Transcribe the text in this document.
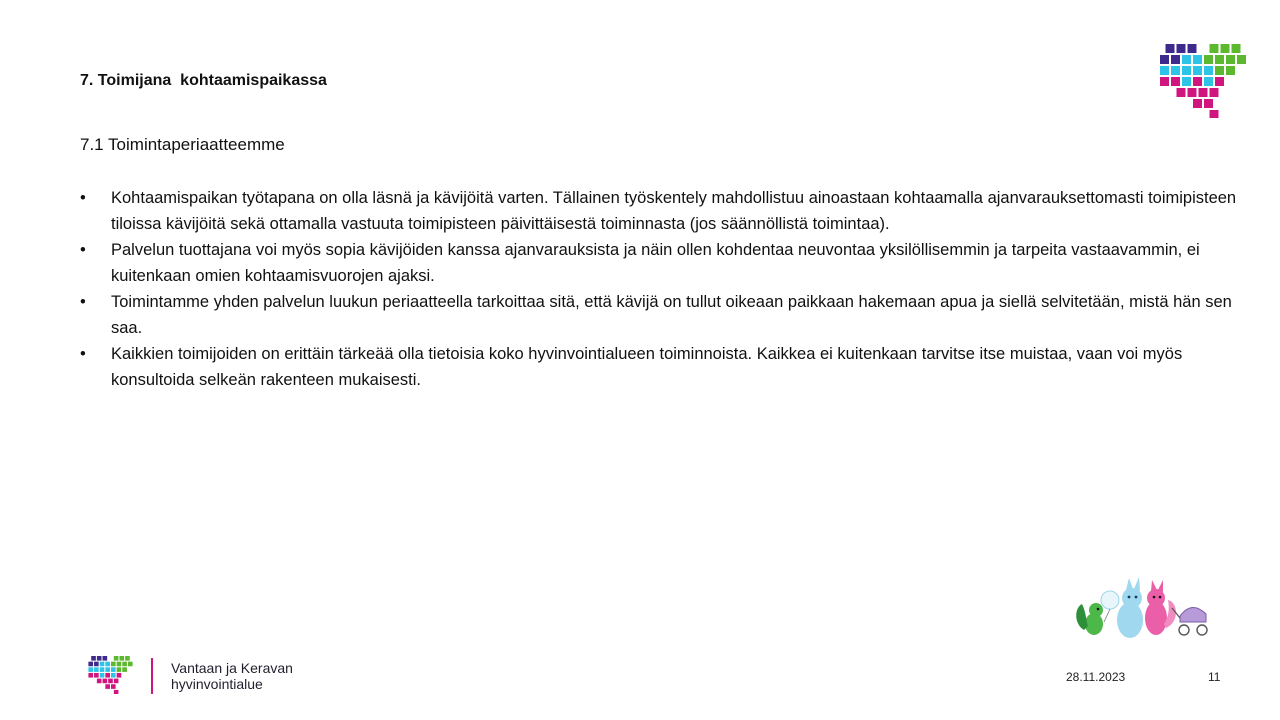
7. Toimijana  kohtaamispaikassa
7.1 Toimintaperiaatteemme
• Kohtaamispaikan työtapana on olla läsnä ja kävijöitä varten. Tällainen työskentely mahdollistuu ainoastaan kohtaamalla ajanvarauksettomasti toimipisteen tiloissa kävijöitä sekä ottamalla vastuuta toimipisteen päivittäisestä toiminnasta (jos säännöllistä toimintaa).
• Palvelun tuottajana voi myös sopia kävijöiden kanssa ajanvarauksista ja näin ollen kohdentaa neuvontaa yksilöllisemmin ja tarpeita vastaavammin, ei kuitenkaan omien kohtaamisvuorojen ajaksi.
• Toimintamme yhden palvelun luukun periaatteella tarkoittaa sitä, että kävijä on tullut oikeaan paikkaan hakemaan apua ja siellä selvitetään, mistä hän sen saa.
• Kaikkien toimijoiden on erittäin tärkeää olla tietoisia koko hyvinvointialueen toiminnoista. Kaikkea ei kuitenkaan tarvitse itse muistaa, vaan voi myös konsultoida selkeän rakenteen mukaisesti.
Vantaan ja Keravan
hyvinvointialue	28.11.2023	11
